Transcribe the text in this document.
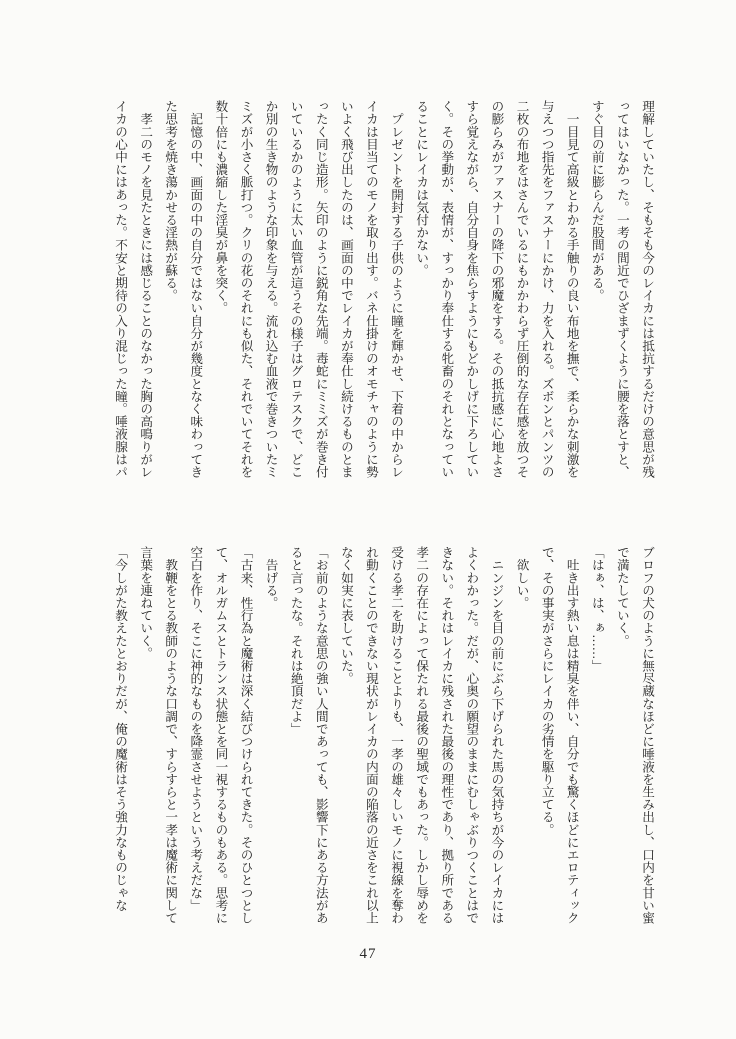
理解していたし、そもそも今のレイカには抵抗するだけの意思が残
ってはいなかった。一考の間近でひざまずくように腰を落とすと、
すぐ目の前に膨らんだ股間がある。
　一目見て高級とわかる手触りの良い布地を撫で、柔らかな刺激を
与えつつ指先をファスナーにかけ、力を入れる。ズボンとパンツの
二枚の布地をはさんでいるにもかかわらず圧倒的な存在感を放つそ
の膨らみがファスナーの降下の邪魔をする。その抵抗感に心地よさ
すら覚えながら、自分自身を焦らすようにもどかしげに下ろしてい
く。その挙動が、表情が、すっかり奉仕する牝畜のそれとなってい
ることにレイカは気付かない。
　プレゼントを開封する子供のように瞳を輝かせ、下着の中からレ
イカは目当てのモノを取り出す。バネ仕掛けのオモチャのように勢
いよく飛び出したのは、画面の中でレイカが奉仕し続けるものとま
ったく同じ造形。矢印のように鋭角な先端。毒蛇にミミズが巻き付
いているかのように太い血管が這うその様子はグロテスクで、どこ
か別の生き物のような印象を与える。流れ込む血液で巻きついたミ
ミズが小さく脈打つ。クリの花のそれにも似た、それでいてそれを
数十倍にも濃縮した淫臭が鼻を突く。
　記憶の中、画面の中の自分ではない自分が幾度となく味わってき
た思考を焼き蕩かせる淫熱が蘇る。
　孝二のモノを見たときには感じることのなかった胸の高鳴りがレ
イカの心中にはあった。不安と期待の入り混じった瞳。唾液腺はパ
ブロフの犬のように無尽蔵なほどに唾液を生み出し、口内を甘い蜜
で満たしていく。
「はぁ、は、ぁ……」
　吐き出す熱い息は精臭を伴い、自分でも驚くほどにエロティック
で、その事実がさらにレイカの劣情を駆り立てる。
　欲しい。
　ニンジンを目の前にぶら下げられた馬の気持ちが今のレイカには
よくわかった。だが、心奥の願望のままにむしゃぶりつくことはで
きない。それはレイカに残された最後の理性であり、拠り所である
孝二の存在によって保たれる最後の聖域でもあった。しかし辱めを
受ける孝二を助けることよりも、一孝の雄々しいモノに視線を奪わ
れ動くことのできない現状がレイカの内面の陥落の近さをこれ以上
なく如実に表していた。
「お前のような意思の強い人間であっても、影響下にある方法があ
ると言ったな。それは絶頂だよ」
　告げる。
「古来、性行為と魔術は深く結びつけられてきた。そのひとつとし
て、オルガムスとトランス状態とを同一視するものもある。思考に
空白を作り、そこに神的なものを降霊させようという考えだな」
　教鞭をとる教師のような口調で、すらすらと一孝は魔術に関して
言葉を連ねていく。
「今しがた教えたとおりだが、俺の魔術はそう強力なものじゃな
47
